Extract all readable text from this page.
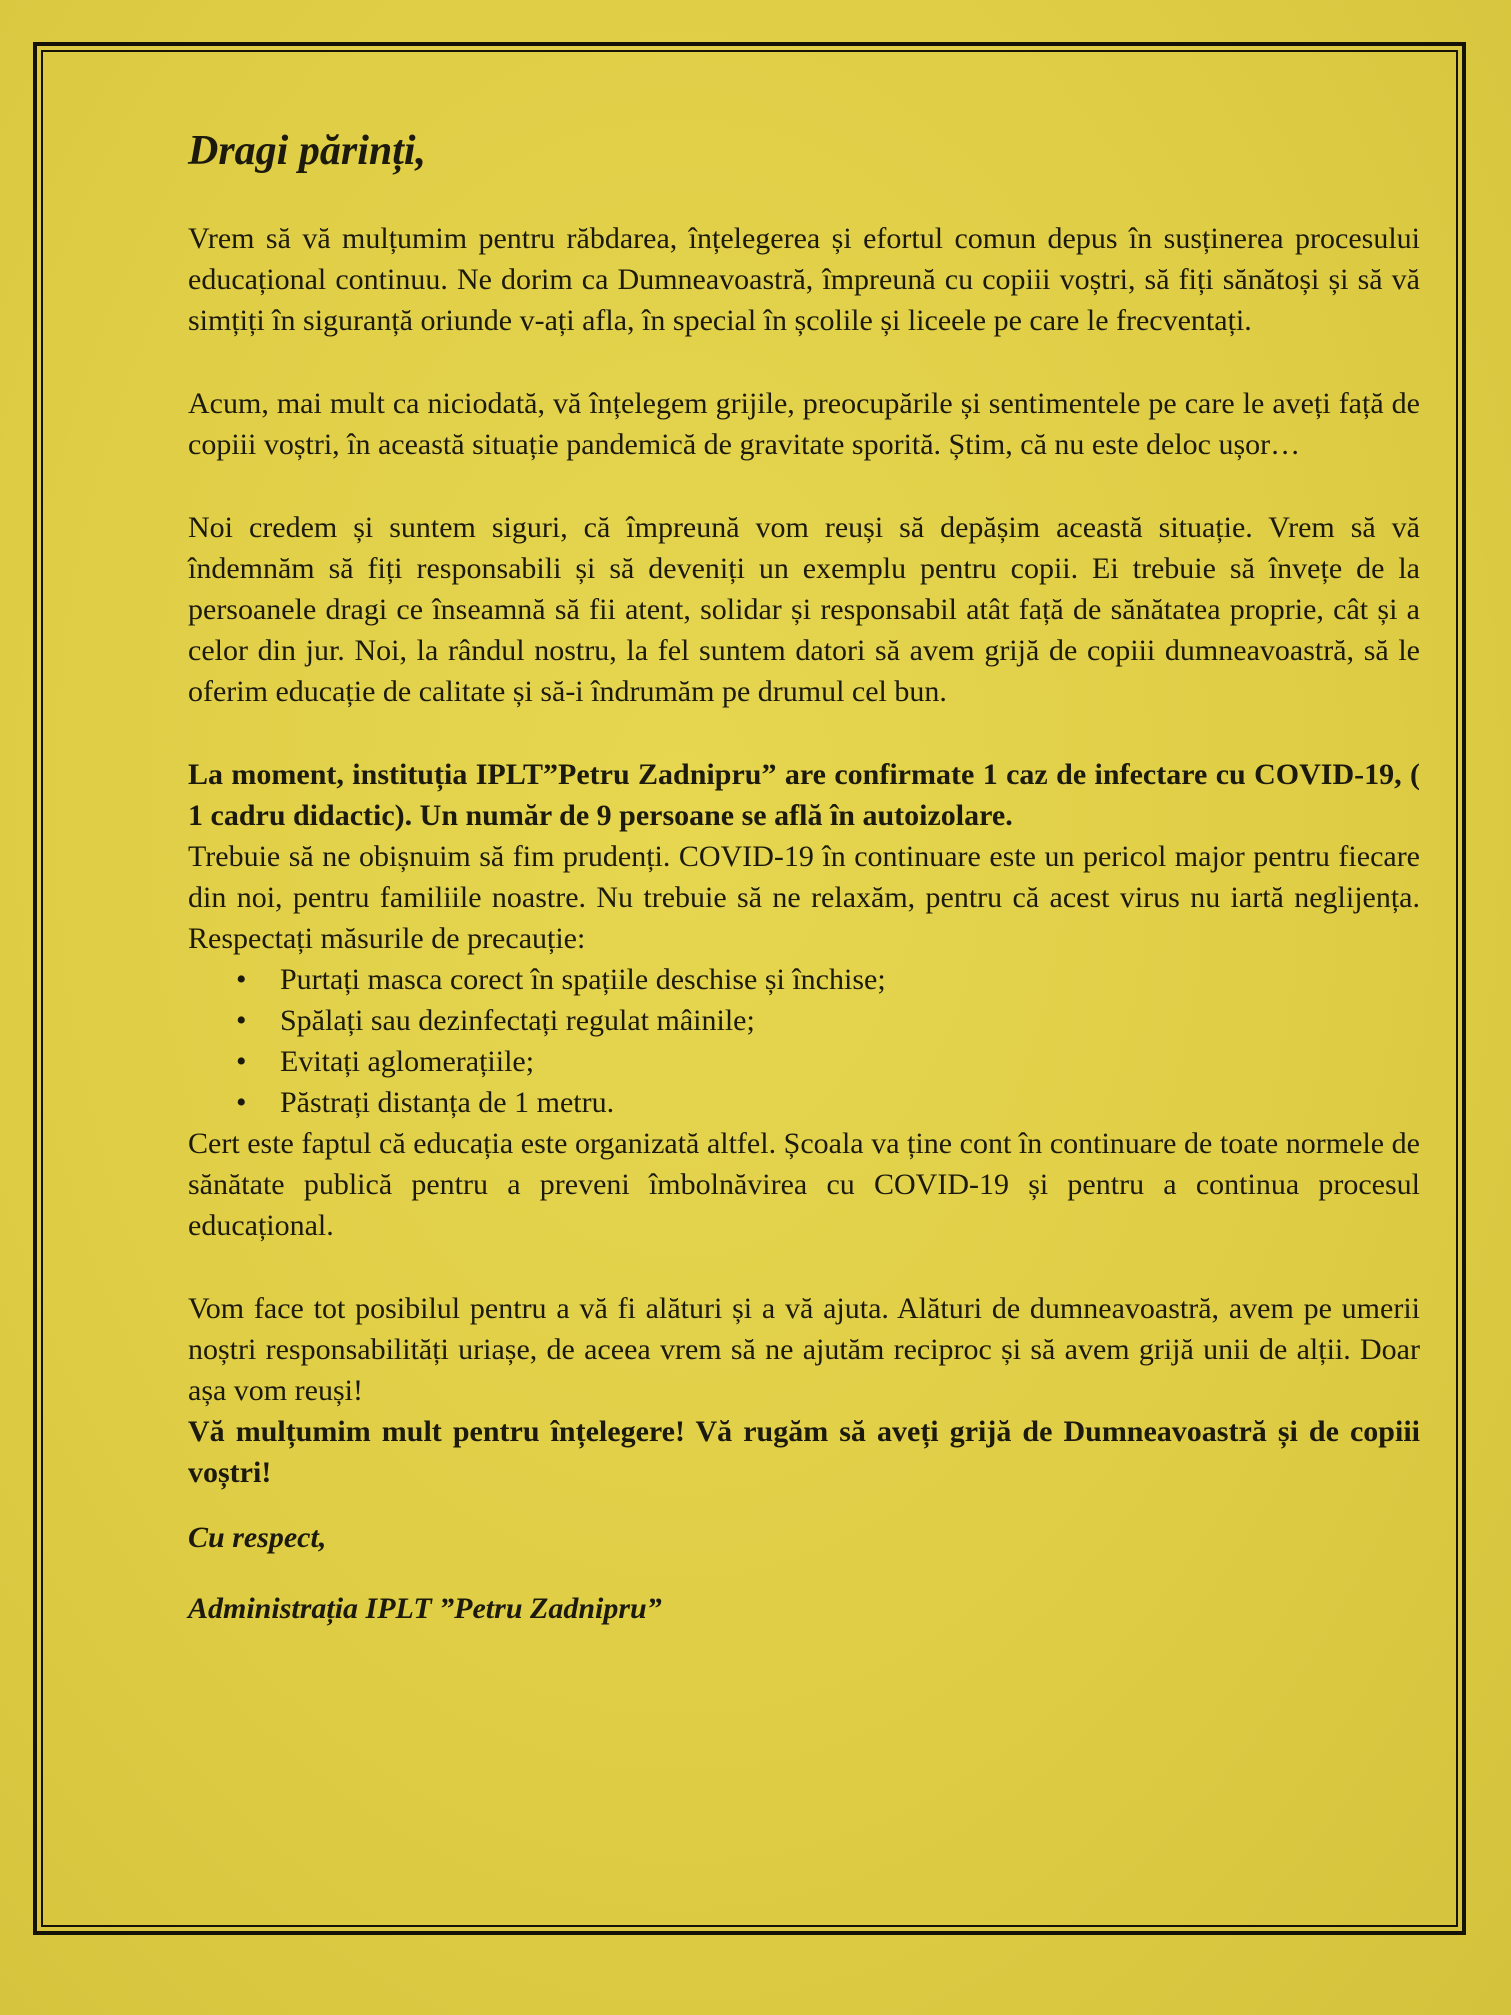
Dragi părinți,

Vrem să vă mulțumim pentru răbdarea, înțelegerea și efortul comun depus în susținerea procesului educațional continuu. Ne dorim ca Dumneavoastră, împreună cu copiii voștri, să fiți sănătoși și să vă simțiți în siguranță oriunde v-ați afla, în special în școlile și liceele pe care le frecventați.

Acum, mai mult ca niciodată, vă înțelegem grijile, preocupările și sentimentele pe care le aveți față de copiii voștri, în această situație pandemică de gravitate sporită. Știm, că nu este deloc ușor…

Noi credem și suntem siguri, că împreună vom reuși să depășim această situație. Vrem să vă îndemnăm să fiți responsabili și să deveniți un exemplu pentru copii. Ei trebuie să învețe de la persoanele dragi ce înseamnă să fii atent, solidar și responsabil atât față de sănătatea proprie, cât și a celor din jur. Noi, la rândul nostru, la fel suntem datori să avem grijă de copiii dumneavoastră, să le oferim educație de calitate și să-i îndrumăm pe drumul cel bun.

La moment, instituția IPLT”Petru Zadnipru” are confirmate 1 caz de infectare cu COVID-19, ( 1 cadru didactic). Un număr de 9 persoane se află în autoizolare.

Trebuie să ne obișnuim să fim prudenți. COVID-19 în continuare este un pericol major pentru fiecare din noi, pentru familiile noastre. Nu trebuie să ne relaxăm, pentru că acest virus nu iartă neglijența. Respectați măsurile de precauție:

• Purtați masca corect în spațiile deschise și închise;
• Spălați sau dezinfectați regulat mâinile;
• Evitați aglomerațiile;
• Păstrați distanța de 1 metru.

Cert este faptul că educația este organizată altfel. Școala va ține cont în continuare de toate normele de sănătate publică pentru a preveni îmbolnăvirea cu COVID-19 și pentru a continua procesul educațional.

Vom face tot posibilul pentru a vă fi alături și a vă ajuta. Alături de dumneavoastră, avem pe umerii noștri responsabilități uriașe, de aceea vrem să ne ajutăm reciproc și să avem grijă unii de alții. Doar așa vom reuși!

Vă mulțumim mult pentru înțelegere! Vă rugăm să aveți grijă de Dumneavoastră și de copiii voștri!

Cu respect,

Administrația IPLT ”Petru Zadnipru”
